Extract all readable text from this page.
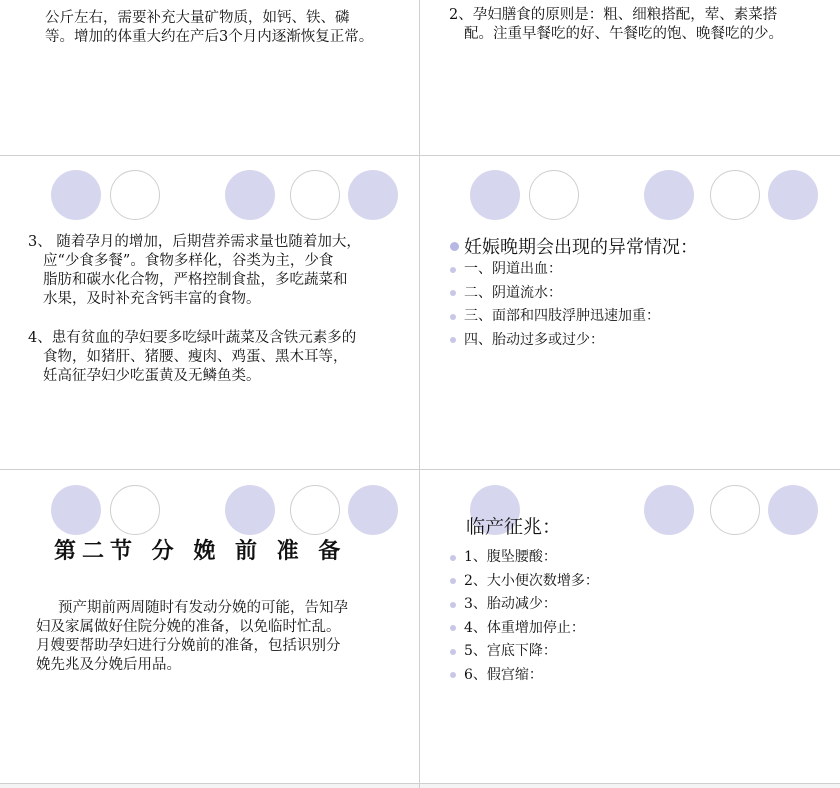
公斤左右，需要补充大量矿物质，如钙、铁、磷
等。增加的体重大约在产后3个月内逐渐恢复正常。
2、孕妇膳食的原则是：粗、细粮搭配，荤、素菜搭
配。注重早餐吃的好、午餐吃的饱、晚餐吃的少。
3、 随着孕月的增加，后期营养需求量也随着加大，
应“少食多餐”。食物多样化，谷类为主，少食
脂肪和碳水化合物，严格控制食盐，多吃蔬菜和
水果，及时补充含钙丰富的食物。
4、患有贫血的孕妇要多吃绿叶蔬菜及含铁元素多的
食物，如猪肝、猪腰、瘦肉、鸡蛋、黑木耳等，
妊高征孕妇少吃蛋黄及无鳞鱼类。
妊娠晚期会出现的异常情况：
一、阴道出血：
二、阴道流水：
三、面部和四肢浮肿迅速加重：
四、胎动过多或过少：
第二节 分 娩 前 准 备
预产期前两周随时有发动分娩的可能，告知孕
妇及家属做好住院分娩的准备，以免临时忙乱。
月嫂要帮助孕妇进行分娩前的准备，包括识别分
娩先兆及分娩后用品。
临产征兆：
1、腹坠腰酸：
2、大小便次数增多：
3、胎动减少：
4、体重增加停止：
5、宫底下降：
6、假宫缩：
